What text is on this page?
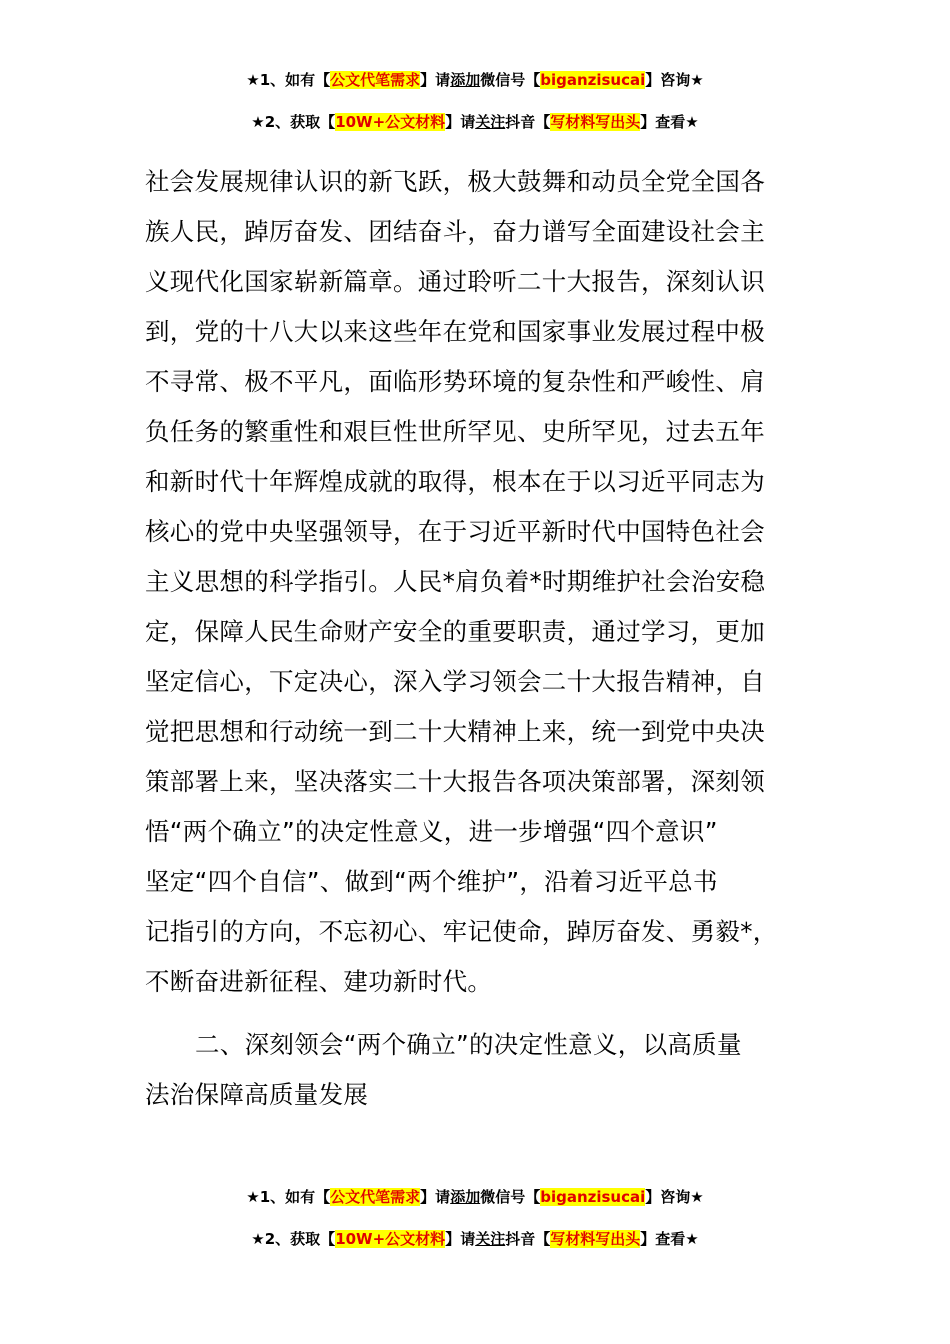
★1、如有【公文代笔需求】请添加微信号【biganzisucai】咨询★
★2、获取【10W+公文材料】请关注抖音【写材料写出头】查看★
社会发展规律认识的新飞跃，极大鼓舞和动员全党全国各
族人民，踔厉奋发、团结奋斗，奋力谱写全面建设社会主
义现代化国家崭新篇章。通过聆听二十大报告，深刻认识
到，党的十八大以来这些年在党和国家事业发展过程中极
不寻常、极不平凡，面临形势环境的复杂性和严峻性、肩
负任务的繁重性和艰巨性世所罕见、史所罕见，过去五年
和新时代十年辉煌成就的取得，根本在于以习近平同志为
核心的党中央坚强领导，在于习近平新时代中国特色社会
主义思想的科学指引。人民*肩负着*时期维护社会治安稳
定，保障人民生命财产安全的重要职责，通过学习，更加
坚定信心，下定决心，深入学习领会二十大报告精神，自
觉把思想和行动统一到二十大精神上来，统一到党中央决
策部署上来，坚决落实二十大报告各项决策部署，深刻领
悟“两个确立”的决定性意义，进一步增强“四个意识”
坚定“四个自信”、做到“两个维护”，沿着习近平总书
记指引的方向，不忘初心、牢记使命，踔厉奋发、勇毅*，
不断奋进新征程、建功新时代。
二、深刻领会“两个确立”的决定性意义，以高质量
法治保障高质量发展
★1、如有【公文代笔需求】请添加微信号【biganzisucai】咨询★
★2、获取【10W+公文材料】请关注抖音【写材料写出头】查看★
